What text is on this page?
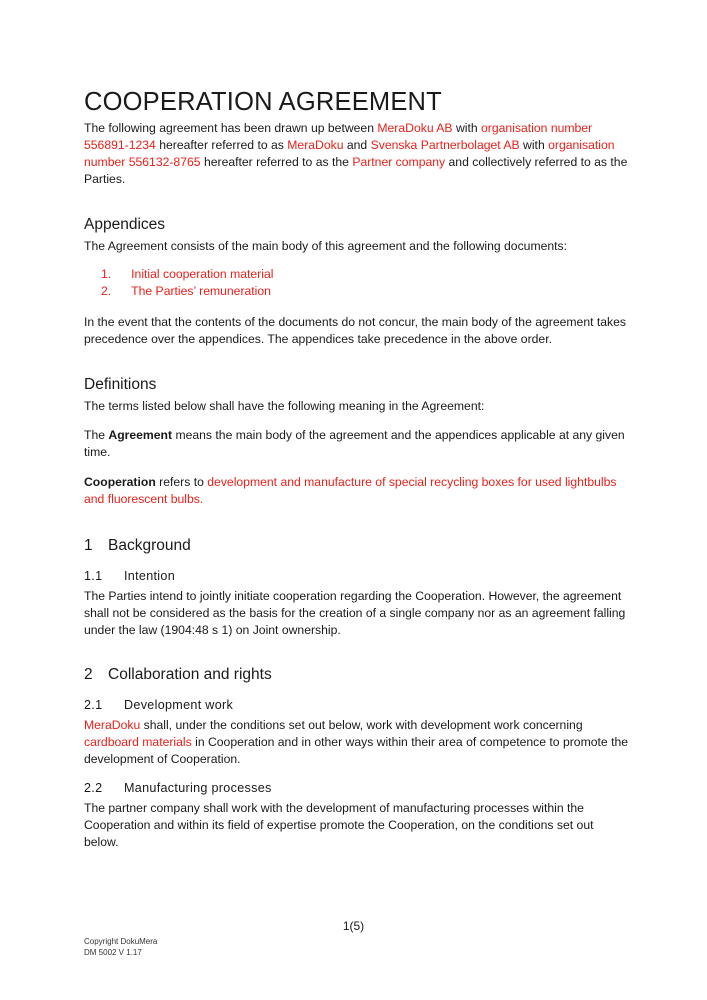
COOPERATION AGREEMENT

The following agreement has been drawn up between MeraDoku AB with organisation number 556891-1234 hereafter referred to as MeraDoku and Svenska Partnerbolaget AB with organisation number 556132-8765 hereafter referred to as the Partner company and collectively referred to as the Parties.

Appendices

The Agreement consists of the main body of this agreement and the following documents:

1. Initial cooperation material
2. The Parties’ remuneration

In the event that the contents of the documents do not concur, the main body of the agreement takes precedence over the appendices. The appendices take precedence in the above order.

Definitions

The terms listed below shall have the following meaning in the Agreement:

The Agreement means the main body of the agreement and the appendices applicable at any given time.

Cooperation refers to development and manufacture of special recycling boxes for used lightbulbs and fluorescent bulbs.

1 Background
1.1 Intention

The Parties intend to jointly initiate cooperation regarding the Cooperation. However, the agreement shall not be considered as the basis for the creation of a single company nor as an agreement falling under the law (1904:48 s 1) on Joint ownership.

2 Collaboration and rights
2.1 Development work

MeraDoku shall, under the conditions set out below, work with development work concerning cardboard materials in Cooperation and in other ways within their area of competence to promote the development of Cooperation.

2.2 Manufacturing processes

The partner company shall work with the development of manufacturing processes within the Cooperation and within its field of expertise promote the Cooperation, on the conditions set out below.

1(5)
Copyright DokuMera
DM 5002 V 1.17
